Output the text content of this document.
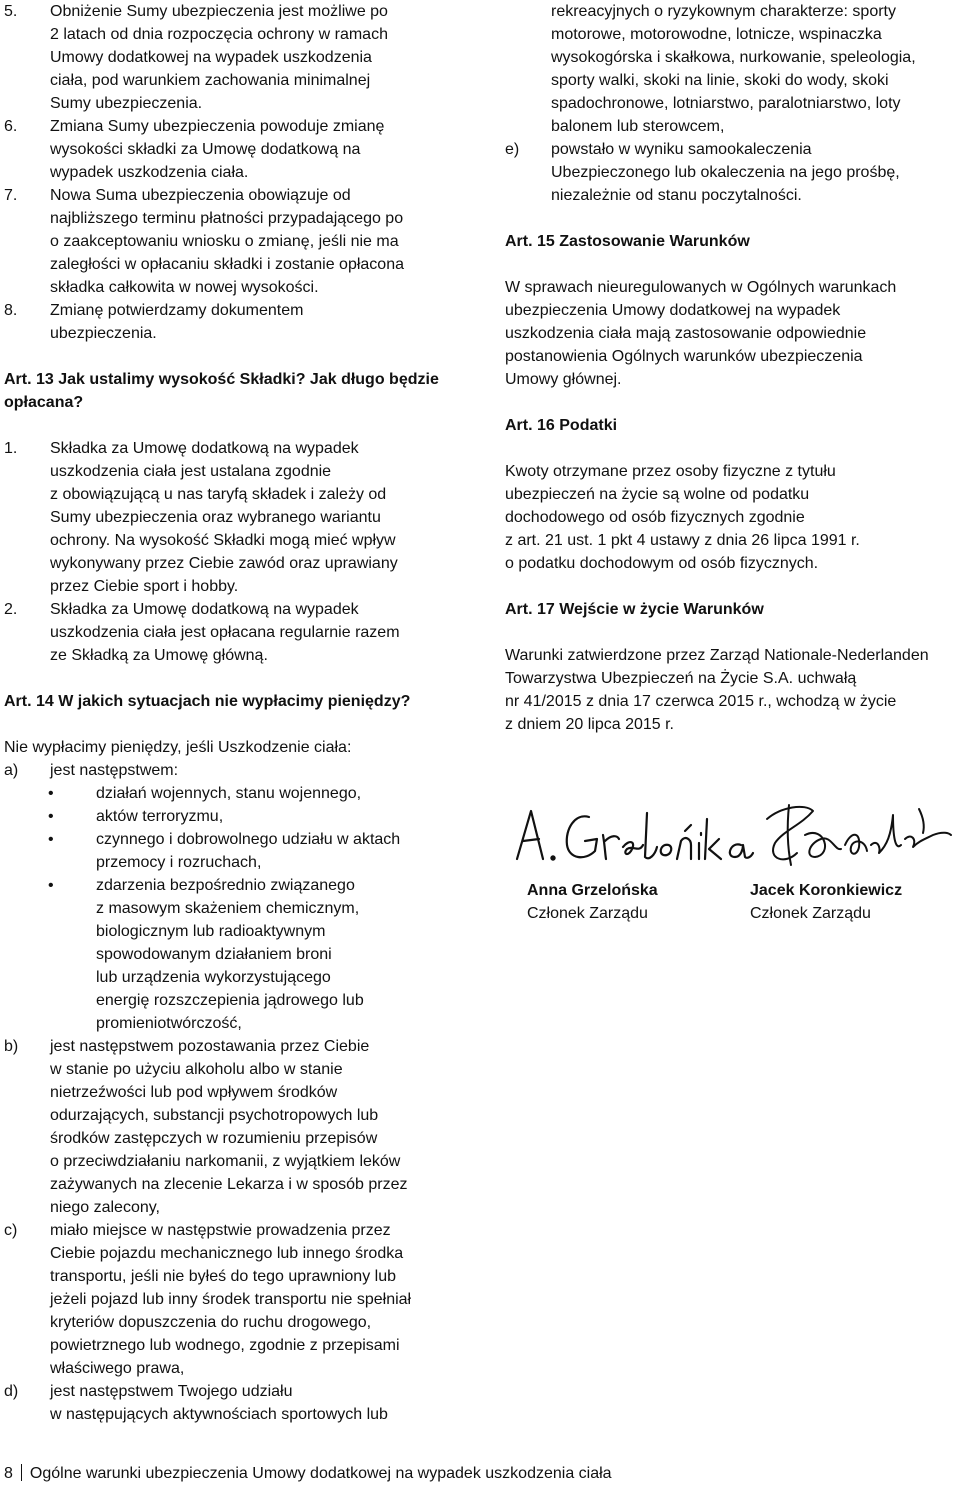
5.	Obniżenie Sumy ubezpieczenia jest możliwe po
2 latach od dnia rozpoczęcia ochrony w ramach
Umowy dodatkowej na wypadek uszkodzenia
ciała, pod warunkiem zachowania minimalnej
Sumy ubezpieczenia.
6.	Zmiana Sumy ubezpieczenia powoduje zmianę
wysokości składki za Umowę dodatkową na
wypadek uszkodzenia ciała.
7.	Nowa Suma ubezpieczenia obowiązuje od
najbliższego terminu płatności przypadającego po
o zaakceptowaniu wniosku o zmianę, jeśli nie ma
zaległości w opłacaniu składki i zostanie opłacona
składka całkowita w nowej wysokości.
8.	Zmianę potwierdzamy dokumentem
ubezpieczenia.

Art. 13 Jak ustalimy wysokość Składki? Jak długo będzie
opłacana?

1.	Składka za Umowę dodatkową na wypadek
uszkodzenia ciała jest ustalana zgodnie
z obowiązującą u nas taryfą składek i zależy od
Sumy ubezpieczenia oraz wybranego wariantu
ochrony. Na wysokość Składki mogą mieć wpływ
wykonywany przez Ciebie zawód oraz uprawiany
przez Ciebie sport i hobby.
2.	Składka za Umowę dodatkową na wypadek
uszkodzenia ciała jest opłacana regularnie razem
ze Składką za Umowę główną.

Art. 14 W jakich sytuacjach nie wypłacimy pieniędzy?

Nie wypłacimy pieniędzy, jeśli Uszkodzenie ciała:

a)	jest następstwem:
•	działań wojennych, stanu wojennego,
•	aktów terroryzmu,
•	czynnego i dobrowolnego udziału w aktach
przemocy i rozruchach,
•	zdarzenia bezpośrednio związanego
z masowym skażeniem chemicznym,
biologicznym lub radioaktywnym
spowodowanym działaniem broni
lub urządzenia wykorzystującego
energię rozszczepienia jądrowego lub
promieniotwórczość,
b)	jest następstwem pozostawania przez Ciebie
w stanie po użyciu alkoholu albo w stanie
nietrzeźwości lub pod wpływem środków
odurzających, substancji psychotropowych lub
środków zastępczych w rozumieniu przepisów
o przeciwdziałaniu narkomanii, z wyjątkiem leków
zażywanych na zlecenie Lekarza i w sposób przez
niego zalecony,
c)	miało miejsce w następstwie prowadzenia przez
Ciebie pojazdu mechanicznego lub innego środka
transportu, jeśli nie byłeś do tego uprawniony lub
jeżeli pojazd lub inny środek transportu nie spełniał
kryteriów dopuszczenia do ruchu drogowego,
powietrznego lub wodnego, zgodnie z przepisami
właściwego prawa,
d)	jest następstwem Twojego udziału
w następujących aktywnościach sportowych lub
rekreacyjnych o ryzykownym charakterze: sporty
motorowe, motorowodne, lotnicze, wspinaczka
wysokogórska i skałkowa, nurkowanie, speleologia,
sporty walki, skoki na linie, skoki do wody, skoki
spadochronowe, lotniarstwo, paralotniarstwo, loty
balonem lub sterowcem,
e)	powstało w wyniku samookaleczenia
Ubezpieczonego lub okaleczenia na jego prośbę,
niezależnie od stanu poczytalności.

Art. 15 Zastosowanie Warunków

W sprawach nieuregulowanych w Ogólnych warunkach
ubezpieczenia Umowy dodatkowej na wypadek
uszkodzenia ciała mają zastosowanie odpowiednie
postanowienia Ogólnych warunków ubezpieczenia
Umowy głównej.

Art. 16 Podatki

Kwoty otrzymane przez osoby fizyczne z tytułu
ubezpieczeń na życie są wolne od podatku
dochodowego od osób fizycznych zgodnie
z art. 21 ust. 1 pkt 4 ustawy z dnia 26 lipca 1991 r.
o podatku dochodowym od osób fizycznych.

Art. 17 Wejście w życie Warunków

Warunki zatwierdzone przez Zarząd Nationale-Nederlanden
Towarzystwa Ubezpieczeń na Życie S.A. uchwałą
nr 41/2015 z dnia 17 czerwca 2015 r., wchodzą w życie
z dniem 20 lipca 2015 r.

Anna Grzelońska
Członek Zarządu
Jacek Koronkiewicz
Członek Zarządu
8 Ogólne warunki ubezpieczenia Umowy dodatkowej na wypadek uszkodzenia ciała
